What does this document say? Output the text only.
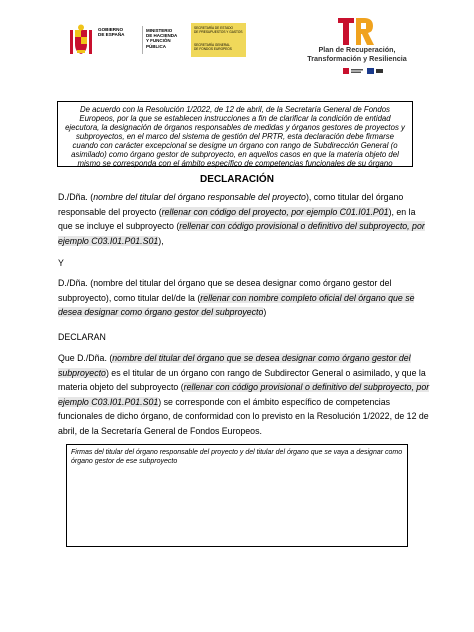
GOBIERNO
DE ESPAÑA
MINISTERIO
DE HACIENDA
Y FUNCIÓN PÚBLICA
SECRETARÍA DE ESTADO
DE PRESUPUESTOS Y GASTOS
SECRETARÍA GENERAL
DE FONDOS EUROPEOS	Plan de Recuperación,
Transformación y Resiliencia
De acuerdo con la Resolución 1/2022, de 12 de abril, de la Secretaría General de Fondos Europeos, por la que se establecen instrucciones a fin de clarificar la condición de entidad ejecutora, la designación de órganos responsables de medidas y órganos gestores de proyectos y subproyectos, en el marco del sistema de gestión del PRTR, esta declaración debe firmarse cuando con carácter excepcional se designe un órgano con rango de Subdirección General (o asimilado) como órgano gestor de subproyecto, en aquellos casos en que la materia objeto del mismo se corresponda con el ámbito específico de competencias funcionales de su órgano
DECLARACIÓN
D./Dña. (nombre del titular del órgano responsable del proyecto), como titular del órgano responsable del proyecto (rellenar con código del proyecto, por ejemplo C01.I01.P01), en la que se incluye el subproyecto (rellenar con código provisional o definitivo del subproyecto, por ejemplo C03.I01.P01.S01),
Y
D./Dña. (nombre del titular del órgano que se desea designar como órgano gestor del subproyecto), como titular del/de la (rellenar con nombre completo oficial del órgano que se desea designar como órgano gestor del subproyecto)
DECLARAN
Que D./Dña. (nombre del titular del órgano que se desea designar como órgano gestor del subproyecto) es el titular de un órgano con rango de Subdirector General o asimilado, y que la materia objeto del subproyecto (rellenar con código provisional o definitivo del subproyecto, por ejemplo C03.I01.P01.S01) se corresponde con el ámbito específico de competencias funcionales de dicho órgano, de conformidad con lo previsto en la Resolución 1/2022, de 12 de abril, de la Secretaría General de Fondos Europeos.
Firmas del titular del órgano responsable del proyecto y del titular del órgano que se vaya a designar como órgano gestor de ese subproyecto
